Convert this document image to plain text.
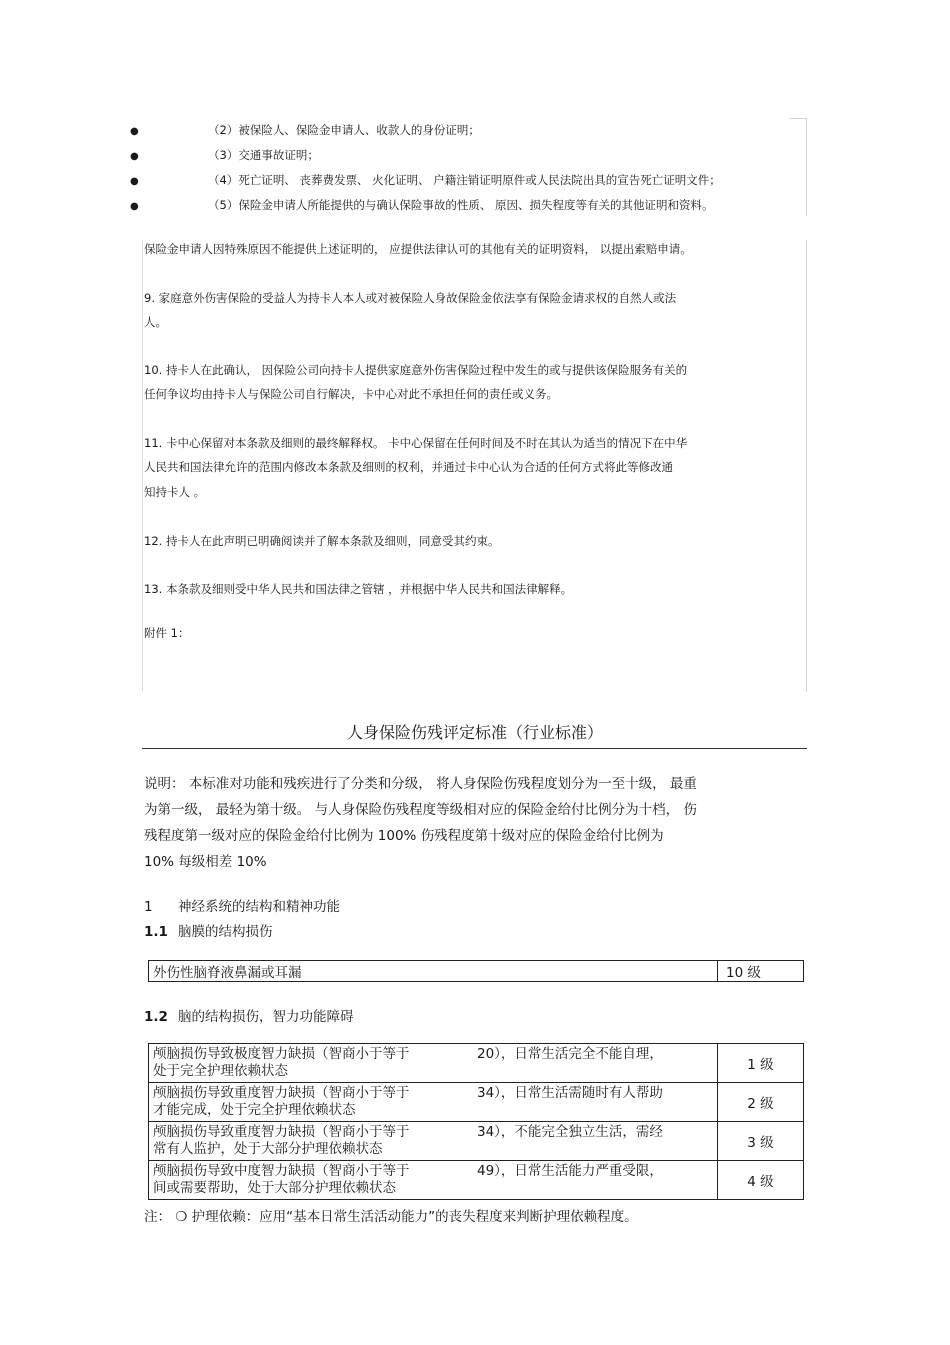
●	（2）被保险人、保险金申请人、收款人的身份证明；
●	（3）交通事故证明；
●	（4）死亡证明、 丧葬费发票、 火化证明、 户籍注销证明原件或人民法院出具的宣告死亡证明文件；
●	（5）保险金申请人所能提供的与确认保险事故的性质、 原因、损失程度等有关的其他证明和资料。
保险金申请人因特殊原因不能提供上述证明的， 应提供法律认可的其他有关的证明资料， 以提出索赔申请。
9. 家庭意外伤害保险的受益人为持卡人本人或对被保险人身故保险金依法享有保险金请求权的自然人或法
人。
10. 持卡人在此确认， 因保险公司向持卡人提供家庭意外伤害保险过程中发生的或与提供该保险服务有关的
任何争议均由持卡人与保险公司自行解决，卡中心对此不承担任何的责任或义务。
11. 卡中心保留对本条款及细则的最终解释权。 卡中心保留在任何时间及不时在其认为适当的情况下在中华
人民共和国法律允许的范围内修改本条款及细则的权利，并通过卡中心认为合适的任何方式将此等修改通
知持卡人 。
12. 持卡人在此声明已明确阅读并了解本条款及细则，同意受其约束。
13. 本条款及细则受中华人民共和国法律之管辖 ，并根据中华人民共和国法律解释。
附件 1：
人身保险伤残评定标准（行业标准）
说明： 本标准对功能和残疾进行了分类和分级， 将人身保险伤残程度划分为一至十级， 最重
为第一级， 最轻为第十级。 与人身保险伤残程度等级相对应的保险金给付比例分为十档， 伤
残程度第一级对应的保险金给付比例为 100% 伤残程度第十级对应的保险金给付比例为
10% 每级相差 10%
1 神经系统的结构和精神功能
1.1 脑膜的结构损伤
外伤性脑脊液鼻漏或耳漏	10 级
1.2 脑的结构损伤，智力功能障碍
颅脑损伤导致极度智力缺损（智商小于等于 20），日常生活完全不能自理，
处于完全护理依赖状态	1 级
颅脑损伤导致重度智力缺损（智商小于等于 34），日常生活需随时有人帮助
才能完成，处于完全护理依赖状态	2 级
颅脑损伤导致重度智力缺损（智商小于等于 34），不能完全独立生活，需经
常有人监护，处于大部分护理依赖状态	3 级
颅脑损伤导致中度智力缺损（智商小于等于 49），日常生活能力严重受限，
间或需要帮助，处于大部分护理依赖状态	4 级
注： ❍ 护理依赖：应用“基本日常生活活动能力”的丧失程度来判断护理依赖程度。
